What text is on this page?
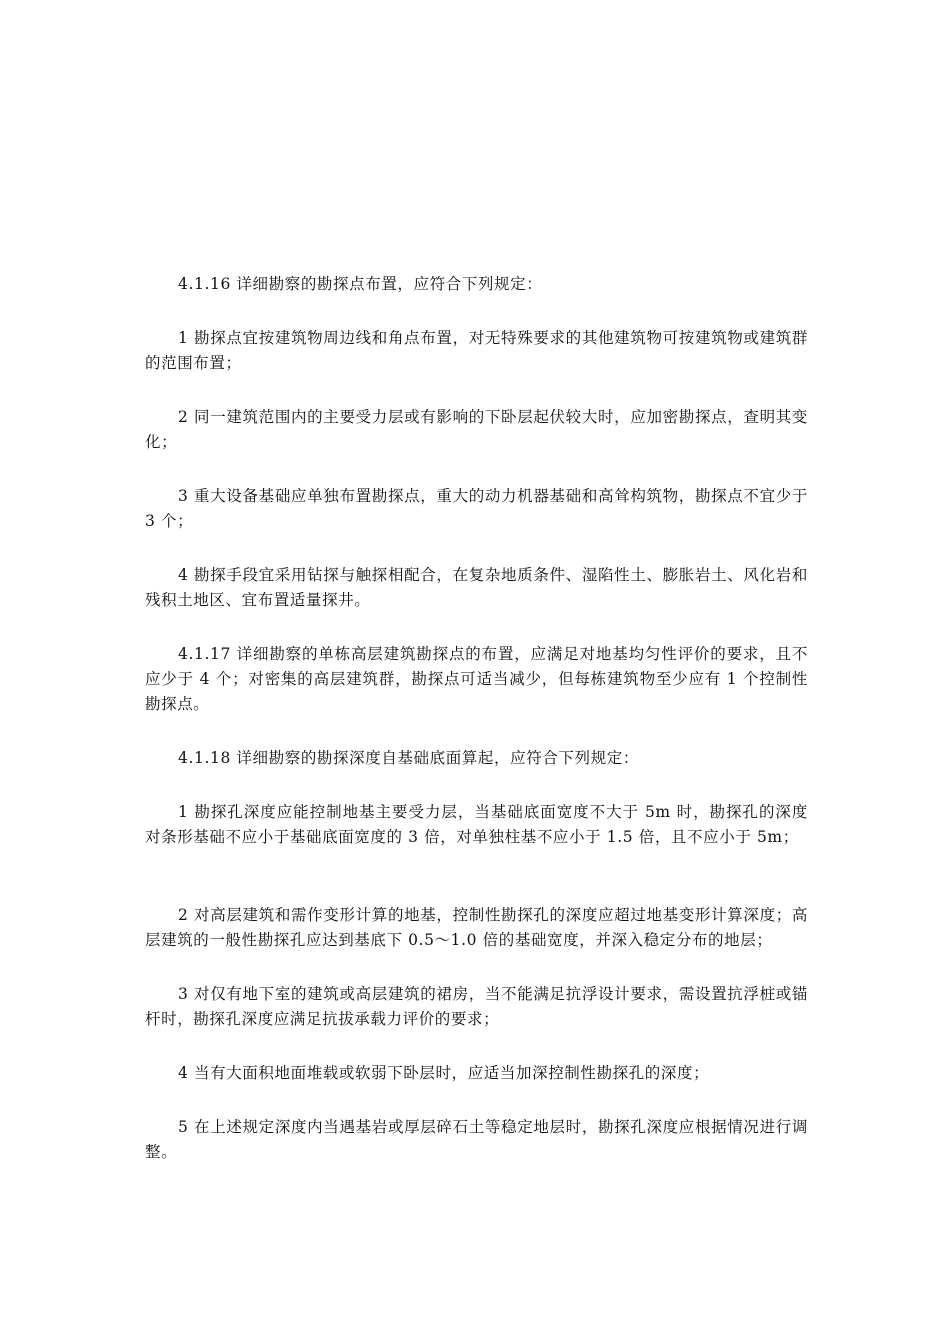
4.1.16 详细勘察的勘探点布置，应符合下列规定：

1 勘探点宜按建筑物周边线和角点布置，对无特殊要求的其他建筑物可按建筑物或建筑群的范围布置；

2 同一建筑范围内的主要受力层或有影响的下卧层起伏较大时，应加密勘探点，查明其变化；

3 重大设备基础应单独布置勘探点，重大的动力机器基础和高耸构筑物，勘探点不宜少于 3 个；

4 勘探手段宜采用钻探与触探相配合，在复杂地质条件、湿陷性土、膨胀岩土、风化岩和残积土地区、宜布置适量探井。

4.1.17 详细勘察的单栋高层建筑勘探点的布置，应满足对地基均匀性评价的要求，且不应少于 4 个；对密集的高层建筑群，勘探点可适当减少，但每栋建筑物至少应有 1 个控制性勘探点。

4.1.18 详细勘察的勘探深度自基础底面算起，应符合下列规定：

1 勘探孔深度应能控制地基主要受力层，当基础底面宽度不大于 5m 时，勘探孔的深度对条形基础不应小于基础底面宽度的 3 倍，对单独柱基不应小于 1.5 倍，且不应小于 5m；

2 对高层建筑和需作变形计算的地基，控制性勘探孔的深度应超过地基变形计算深度；高层建筑的一般性勘探孔应达到基底下 0.5～1.0 倍的基础宽度，并深入稳定分布的地层；

3 对仅有地下室的建筑或高层建筑的裙房，当不能满足抗浮设计要求，需设置抗浮桩或锚杆时，勘探孔深度应满足抗拔承载力评价的要求；

4 当有大面积地面堆载或软弱下卧层时，应适当加深控制性勘探孔的深度；

5 在上述规定深度内当遇基岩或厚层碎石土等稳定地层时，勘探孔深度应根据情况进行调整。
